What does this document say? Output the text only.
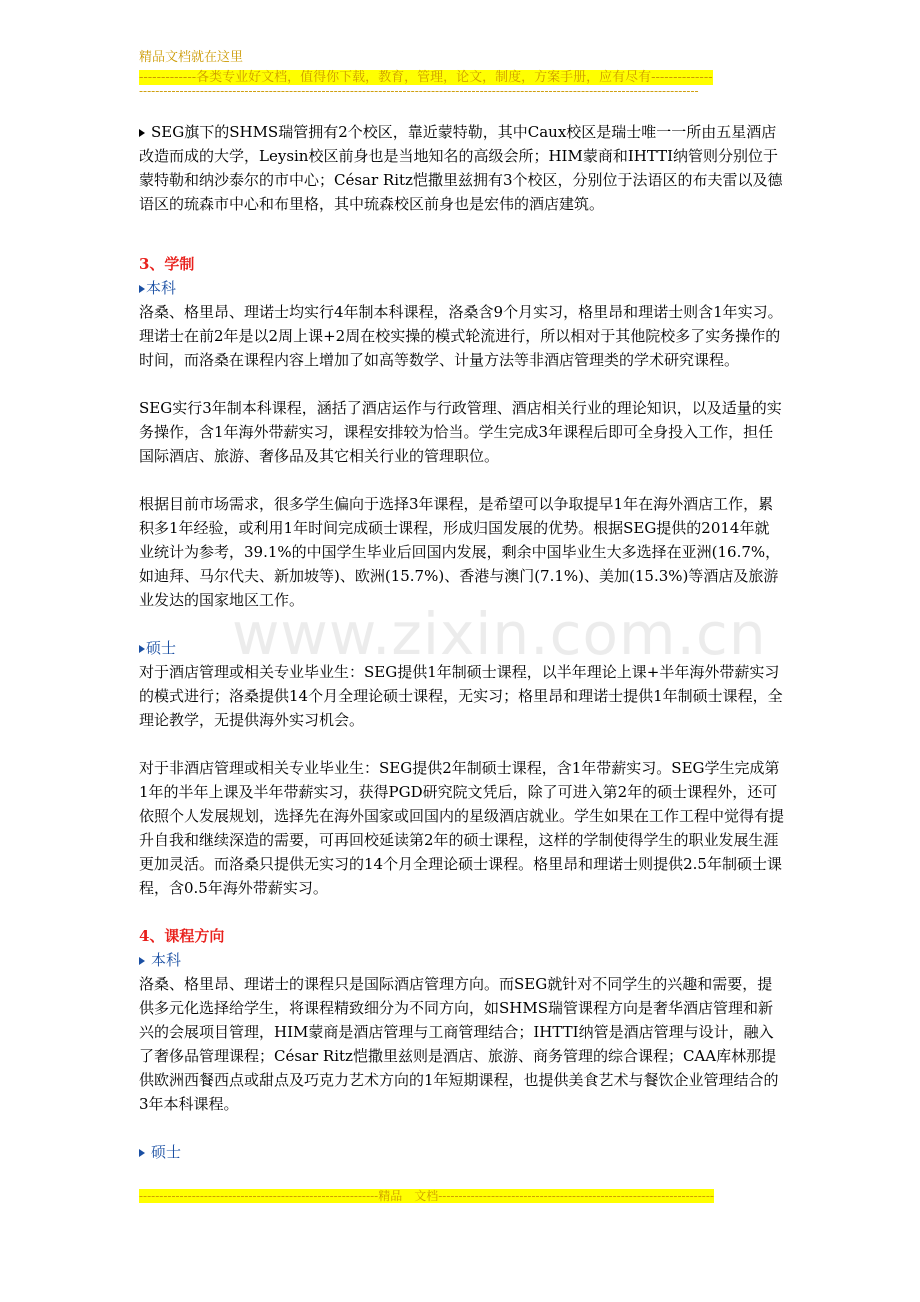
精品文档就在这里
-------------各类专业好文档，值得你下载，教育，管理，论文，制度，方案手册，应有尽有--------------
------------------------------------------------------------------------------------------------------------------------------------------
www.zixin.com.cn

SEG旗下的SHMS瑞管拥有2个校区，靠近蒙特勒，其中Caux校区是瑞士唯一一所由五星酒店改造而成的大学，Leysin校区前身也是当地知名的高级会所；HIM蒙商和IHTTI纳管则分别位于蒙特勒和纳沙泰尔的市中心；César Ritz恺撒里兹拥有3个校区，分别位于法语区的布夫雷以及德语区的琉森市中心和布里格，其中琉森校区前身也是宏伟的酒店建筑。

3、学制

本科

洛桑、格里昂、理诺士均实行4年制本科课程，洛桑含9个月实习，格里昂和理诺士则含1年实习。理诺士在前2年是以2周上课+2周在校实操的模式轮流进行，所以相对于其他院校多了实务操作的时间，而洛桑在课程内容上增加了如高等数学、计量方法等非酒店管理类的学术研究课程。

SEG实行3年制本科课程，涵括了酒店运作与行政管理、酒店相关行业的理论知识，以及适量的实务操作，含1年海外带薪实习，课程安排较为恰当。学生完成3年课程后即可全身投入工作，担任国际酒店、旅游、奢侈品及其它相关行业的管理职位。

根据目前市场需求，很多学生偏向于选择3年课程，是希望可以争取提早1年在海外酒店工作，累积多1年经验，或利用1年时间完成硕士课程，形成归国发展的优势。根据SEG提供的2014年就业统计为参考，39.1%的中国学生毕业后回国内发展，剩余中国毕业生大多选择在亚洲(16.7%，如迪拜、马尔代夫、新加坡等)、欧洲(15.7%)、香港与澳门(7.1%)、美加(15.3%)等酒店及旅游业发达的国家地区工作。

硕士

对于酒店管理或相关专业毕业生：SEG提供1年制硕士课程，以半年理论上课+半年海外带薪实习的模式进行；洛桑提供14个月全理论硕士课程，无实习；格里昂和理诺士提供1年制硕士课程，全理论教学，无提供海外实习机会。

对于非酒店管理或相关专业毕业生：SEG提供2年制硕士课程，含1年带薪实习。SEG学生完成第1年的半年上课及半年带薪实习，获得PGD研究院文凭后，除了可进入第2年的硕士课程外，还可依照个人发展规划，选择先在海外国家或回国内的星级酒店就业。学生如果在工作工程中觉得有提升自我和继续深造的需要，可再回校延读第2年的硕士课程，这样的学制使得学生的职业发展生涯更加灵活。而洛桑只提供无实习的14个月全理论硕士课程。格里昂和理诺士则提供2.5年制硕士课程，含0.5年海外带薪实习。

4、课程方向

本科

洛桑、格里昂、理诺士的课程只是国际酒店管理方向。而SEG就针对不同学生的兴趣和需要，提供多元化选择给学生，将课程精致细分为不同方向，如SHMS瑞管课程方向是奢华酒店管理和新兴的会展项目管理，HIM蒙商是酒店管理与工商管理结合；IHTTI纳管是酒店管理与设计，融入了奢侈品管理课程；César Ritz恺撒里兹则是酒店、旅游、商务管理的综合课程；CAA库林那提供欧洲西餐西点或甜点及巧克力艺术方向的1年短期课程，也提供美食艺术与餐饮企业管理结合的3年本科课程。

硕士

-----------------------------------------------------------精品　文档--------------------------------------------------------------------
